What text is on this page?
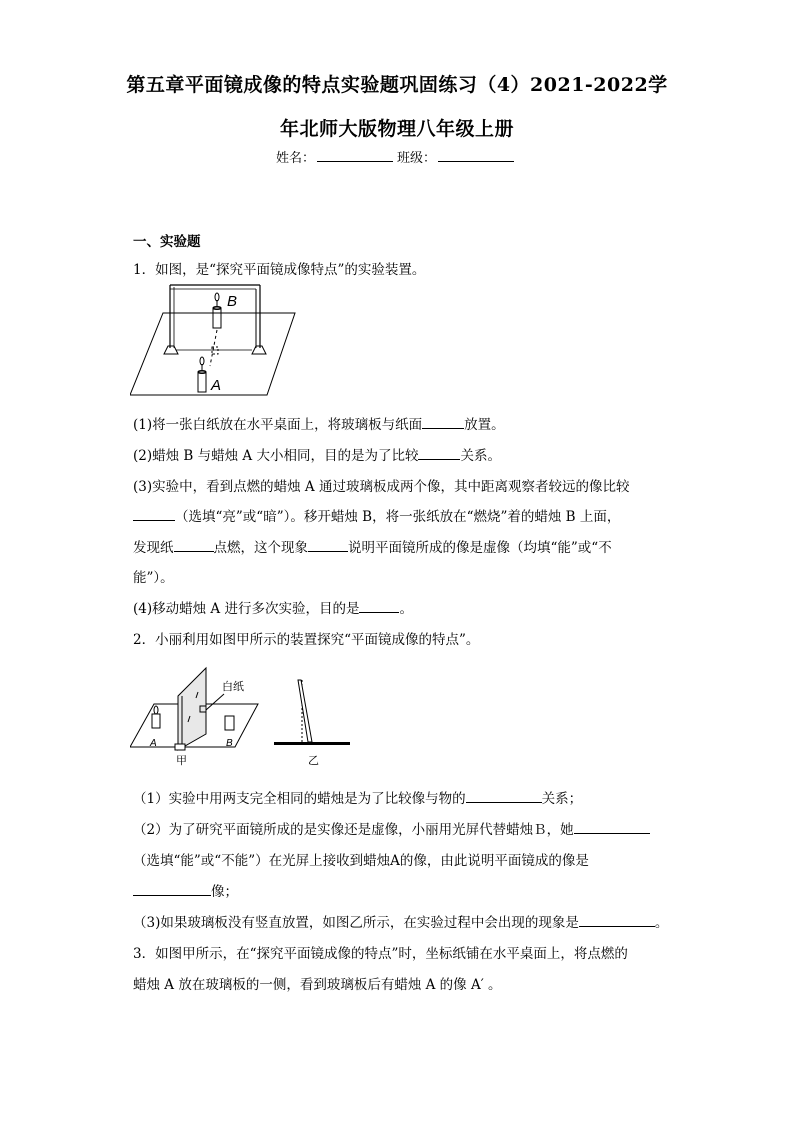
第五章平面镜成像的特点实验题巩固练习（4）2021-2022学
年北师大版物理八年级上册
姓名：	班级：
一、实验题
1．如图，是“探究平面镜成像特点”的实验装置。
B
A
(1)将一张白纸放在水平桌面上，将玻璃板与纸面	放置。
(2)蜡烛 B 与蜡烛 A 大小相同，目的是为了比较	关系。
(3)实验中，看到点燃的蜡烛 A 通过玻璃板成两个像，其中距离观察者较远的像比较
（选填“亮”或“暗”）。移开蜡烛 B，将一张纸放在“燃烧”着的蜡烛 B 上面，
发现纸	点燃，这个现象	说明平面镜所成的像是虚像（均填“能”或“不
能”）。
(4)移动蜡烛 A 进行多次实验，目的是	。
2．小丽利用如图甲所示的装置探究“平面镜成像的特点”。
白纸
A	B
甲	乙
（1）实验中用两支完全相同的蜡烛是为了比较像与物的	关系；
（2）为了研究平面镜所成的是实像还是虚像，小丽用光屏代替蜡烛Ｂ，她
（选填“能”或“不能”）在光屏上接收到蜡烛A的像，由此说明平面镜成的像是
像；
（3)如果玻璃板没有竖直放置，如图乙所示，在实验过程中会出现的现象是	。
3．如图甲所示，在“探究平面镜成像的特点”时，坐标纸铺在水平桌面上，将点燃的
蜡烛 A 放在玻璃板的一侧，看到玻璃板后有蜡烛 A 的像 A′ 。
